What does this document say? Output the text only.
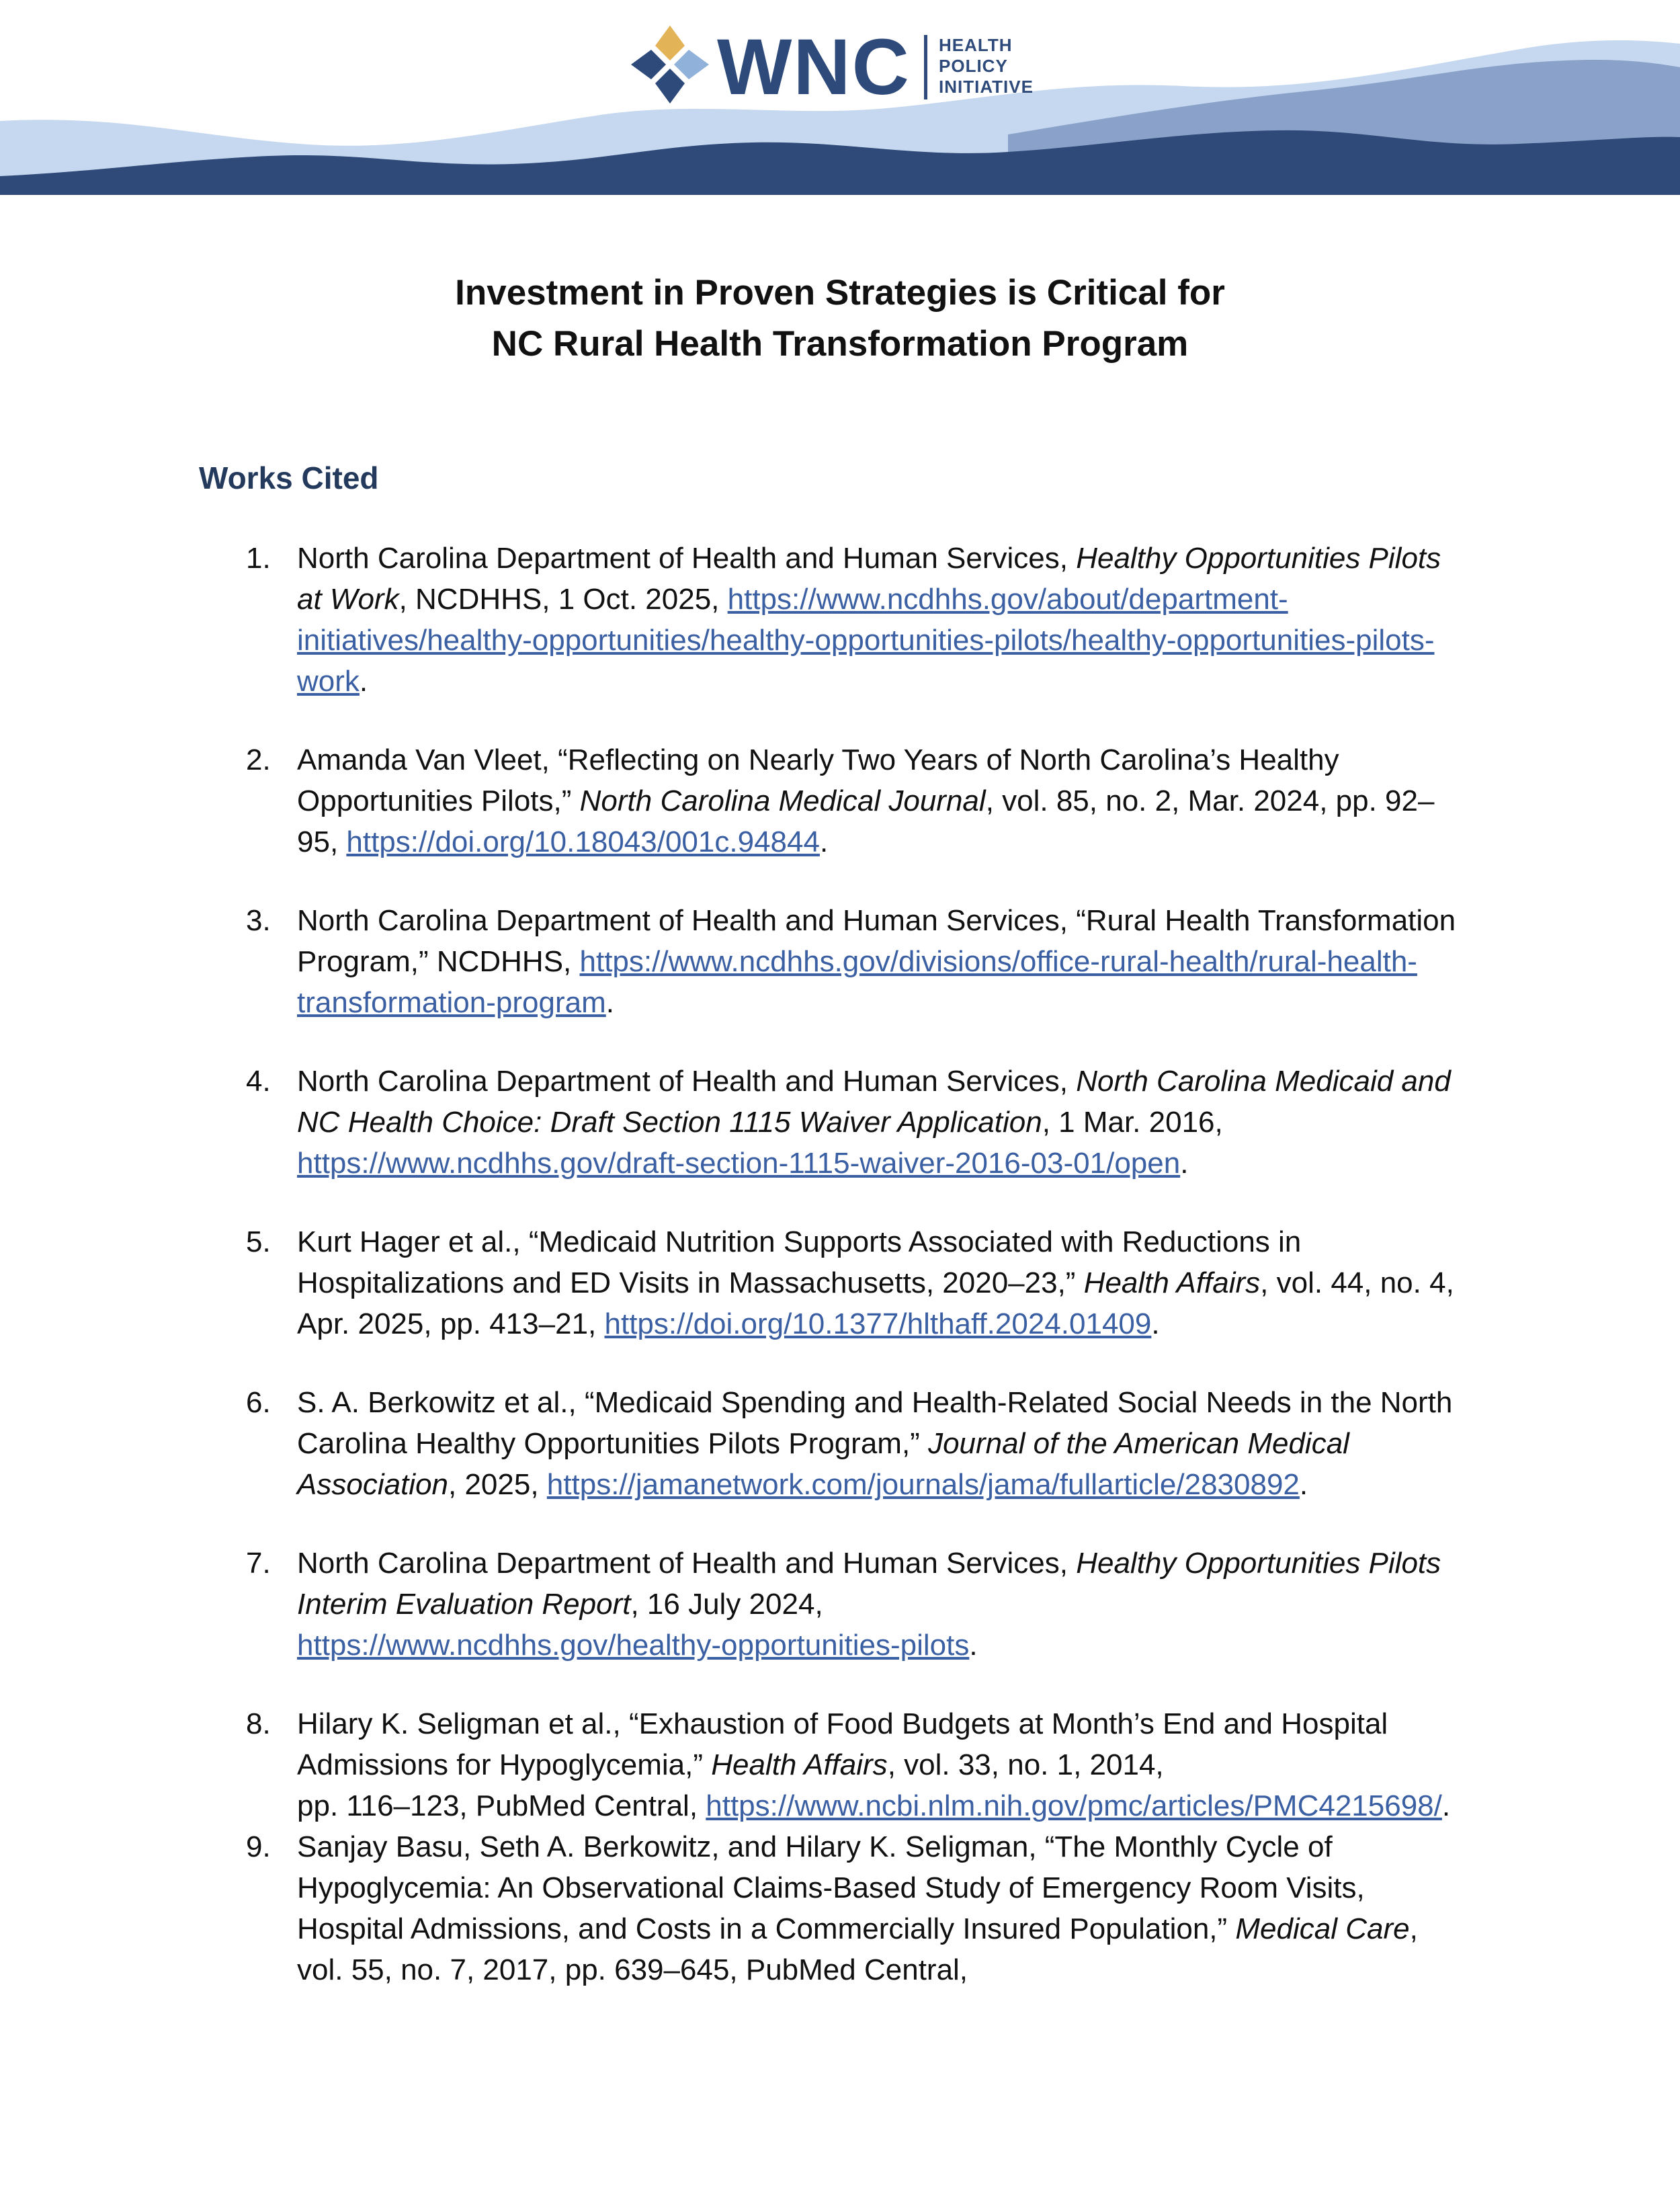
WNC HEALTH
POLICY
INITIATIVE
Investment in Proven Strategies is Critical for
NC Rural Health Transformation Program
Works Cited
1. North Carolina Department of Health and Human Services, Healthy Opportunities Pilots
at Work, NCDHHS, 1 Oct. 2025, https://www.ncdhhs.gov/about/department-
initiatives/healthy-opportunities/healthy-opportunities-pilots/healthy-opportunities-pilots-
work.
2. Amanda Van Vleet, “Reflecting on Nearly Two Years of North Carolina’s Healthy
Opportunities Pilots,” North Carolina Medical Journal, vol. 85, no. 2, Mar. 2024, pp. 92–
95, https://doi.org/10.18043/001c.94844.
3. North Carolina Department of Health and Human Services, “Rural Health Transformation
Program,” NCDHHS, https://www.ncdhhs.gov/divisions/office-rural-health/rural-health-
transformation-program.
4. North Carolina Department of Health and Human Services, North Carolina Medicaid and
NC Health Choice: Draft Section 1115 Waiver Application, 1 Mar. 2016,
https://www.ncdhhs.gov/draft-section-1115-waiver-2016-03-01/open.
5. Kurt Hager et al., “Medicaid Nutrition Supports Associated with Reductions in
Hospitalizations and ED Visits in Massachusetts, 2020–23,” Health Affairs, vol. 44, no. 4,
Apr. 2025, pp. 413–21, https://doi.org/10.1377/hlthaff.2024.01409.
6. S. A. Berkowitz et al., “Medicaid Spending and Health-Related Social Needs in the North
Carolina Healthy Opportunities Pilots Program,” Journal of the American Medical
Association, 2025, https://jamanetwork.com/journals/jama/fullarticle/2830892.
7. North Carolina Department of Health and Human Services, Healthy Opportunities Pilots
Interim Evaluation Report, 16 July 2024,
https://www.ncdhhs.gov/healthy-opportunities-pilots.
8. Hilary K. Seligman et al., “Exhaustion of Food Budgets at Month’s End and Hospital
Admissions for Hypoglycemia,” Health Affairs, vol. 33, no. 1, 2014,
pp. 116–123, PubMed Central, https://www.ncbi.nlm.nih.gov/pmc/articles/PMC4215698/.
9. Sanjay Basu, Seth A. Berkowitz, and Hilary K. Seligman, “The Monthly Cycle of
Hypoglycemia: An Observational Claims-Based Study of Emergency Room Visits,
Hospital Admissions, and Costs in a Commercially Insured Population,” Medical Care,
vol. 55, no. 7, 2017, pp. 639–645, PubMed Central,
